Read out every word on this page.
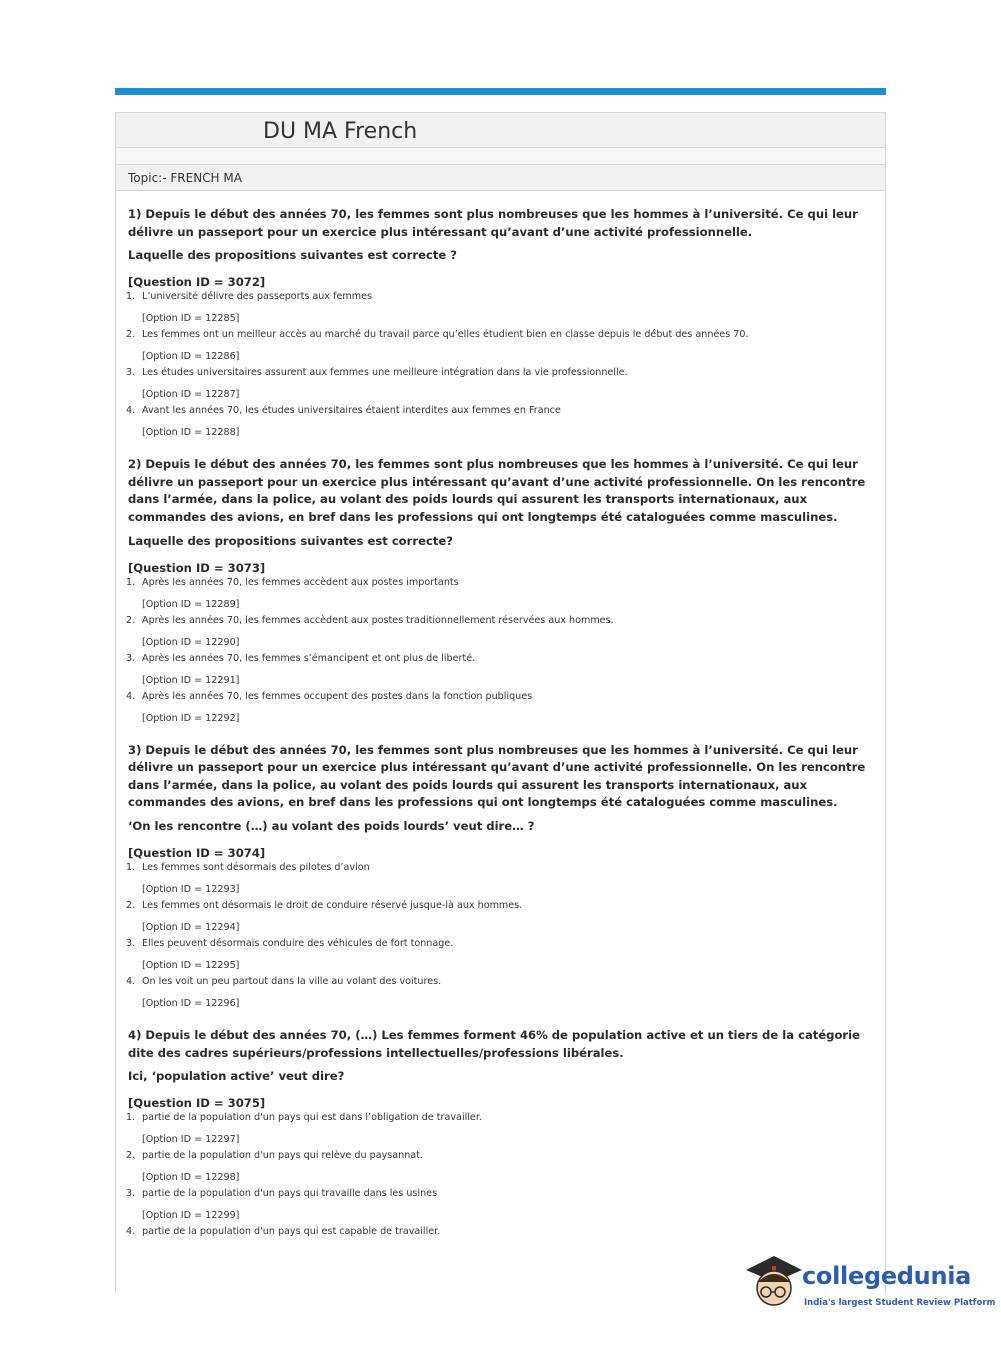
DU MA French
Topic:- FRENCH MA

1) Depuis le début des années 70, les femmes sont plus nombreuses que les hommes à l’université. Ce qui leur délivre un passeport pour un exercice plus intéressant qu’avant d’une activité professionnelle.

Laquelle des propositions suivantes est correcte ?

[Question ID = 3072]
1. L’université délivre des passeports aux femmes
[Option ID = 12285]
2. Les femmes ont un meilleur accès au marché du travail parce qu’elles étudient bien en classe depuis le début des années 70.
[Option ID = 12286]
3. Les études universitaires assurent aux femmes une meilleure intégration dans la vie professionnelle.
[Option ID = 12287]
4. Avant les années 70, les études universitaires étaient interdites aux femmes en France
[Option ID = 12288]

2) Depuis le début des années 70, les femmes sont plus nombreuses que les hommes à l’université. Ce qui leur délivre un passeport pour un exercice plus intéressant qu’avant d’une activité professionnelle. On les rencontre dans l’armée, dans la police, au volant des poids lourds qui assurent les transports internationaux, aux commandes des avions, en bref dans les professions qui ont longtemps été cataloguées comme masculines.

Laquelle des propositions suivantes est correcte?

[Question ID = 3073]
1. Après les années 70, les femmes accèdent aux postes importants
[Option ID = 12289]
2. Après les années 70, les femmes accèdent aux postes traditionnellement réservées aux hommes.
[Option ID = 12290]
3. Après les années 70, les femmes s’émancipent et ont plus de liberté.
[Option ID = 12291]
4. Après les années 70, les femmes occupent des postes dans la fonction publiques
[Option ID = 12292]

3) Depuis le début des années 70, les femmes sont plus nombreuses que les hommes à l’université. Ce qui leur délivre un passeport pour un exercice plus intéressant qu’avant d’une activité professionnelle. On les rencontre dans l’armée, dans la police, au volant des poids lourds qui assurent les transports internationaux, aux commandes des avions, en bref dans les professions qui ont longtemps été cataloguées comme masculines.

‘On les rencontre (…) au volant des poids lourds’ veut dire… ?

[Question ID = 3074]
1. Les femmes sont désormais des pilotes d’avion
[Option ID = 12293]
2. Les femmes ont désormais le droit de conduire réservé jusque-là aux hommes.
[Option ID = 12294]
3. Elles peuvent désormais conduire des véhicules de fort tonnage.
[Option ID = 12295]
4. On les voit un peu partout dans la ville au volant des voitures.
[Option ID = 12296]

4) Depuis le début des années 70, (…) Les femmes forment 46% de population active et un tiers de la catégorie dite des cadres supérieurs/professions intellectuelles/professions libérales.

Ici, ‘population active’ veut dire?

[Question ID = 3075]
1. partie de la population d'un pays qui est dans l’obligation de travailler.
[Option ID = 12297]
2. partie de la population d'un pays qui relève du paysannat.
[Option ID = 12298]
3. partie de la population d'un pays qui travaille dans les usines
[Option ID = 12299]
4. partie de la population d'un pays qui est capable de travailler.
collegedunia
India's largest Student Review Platform
